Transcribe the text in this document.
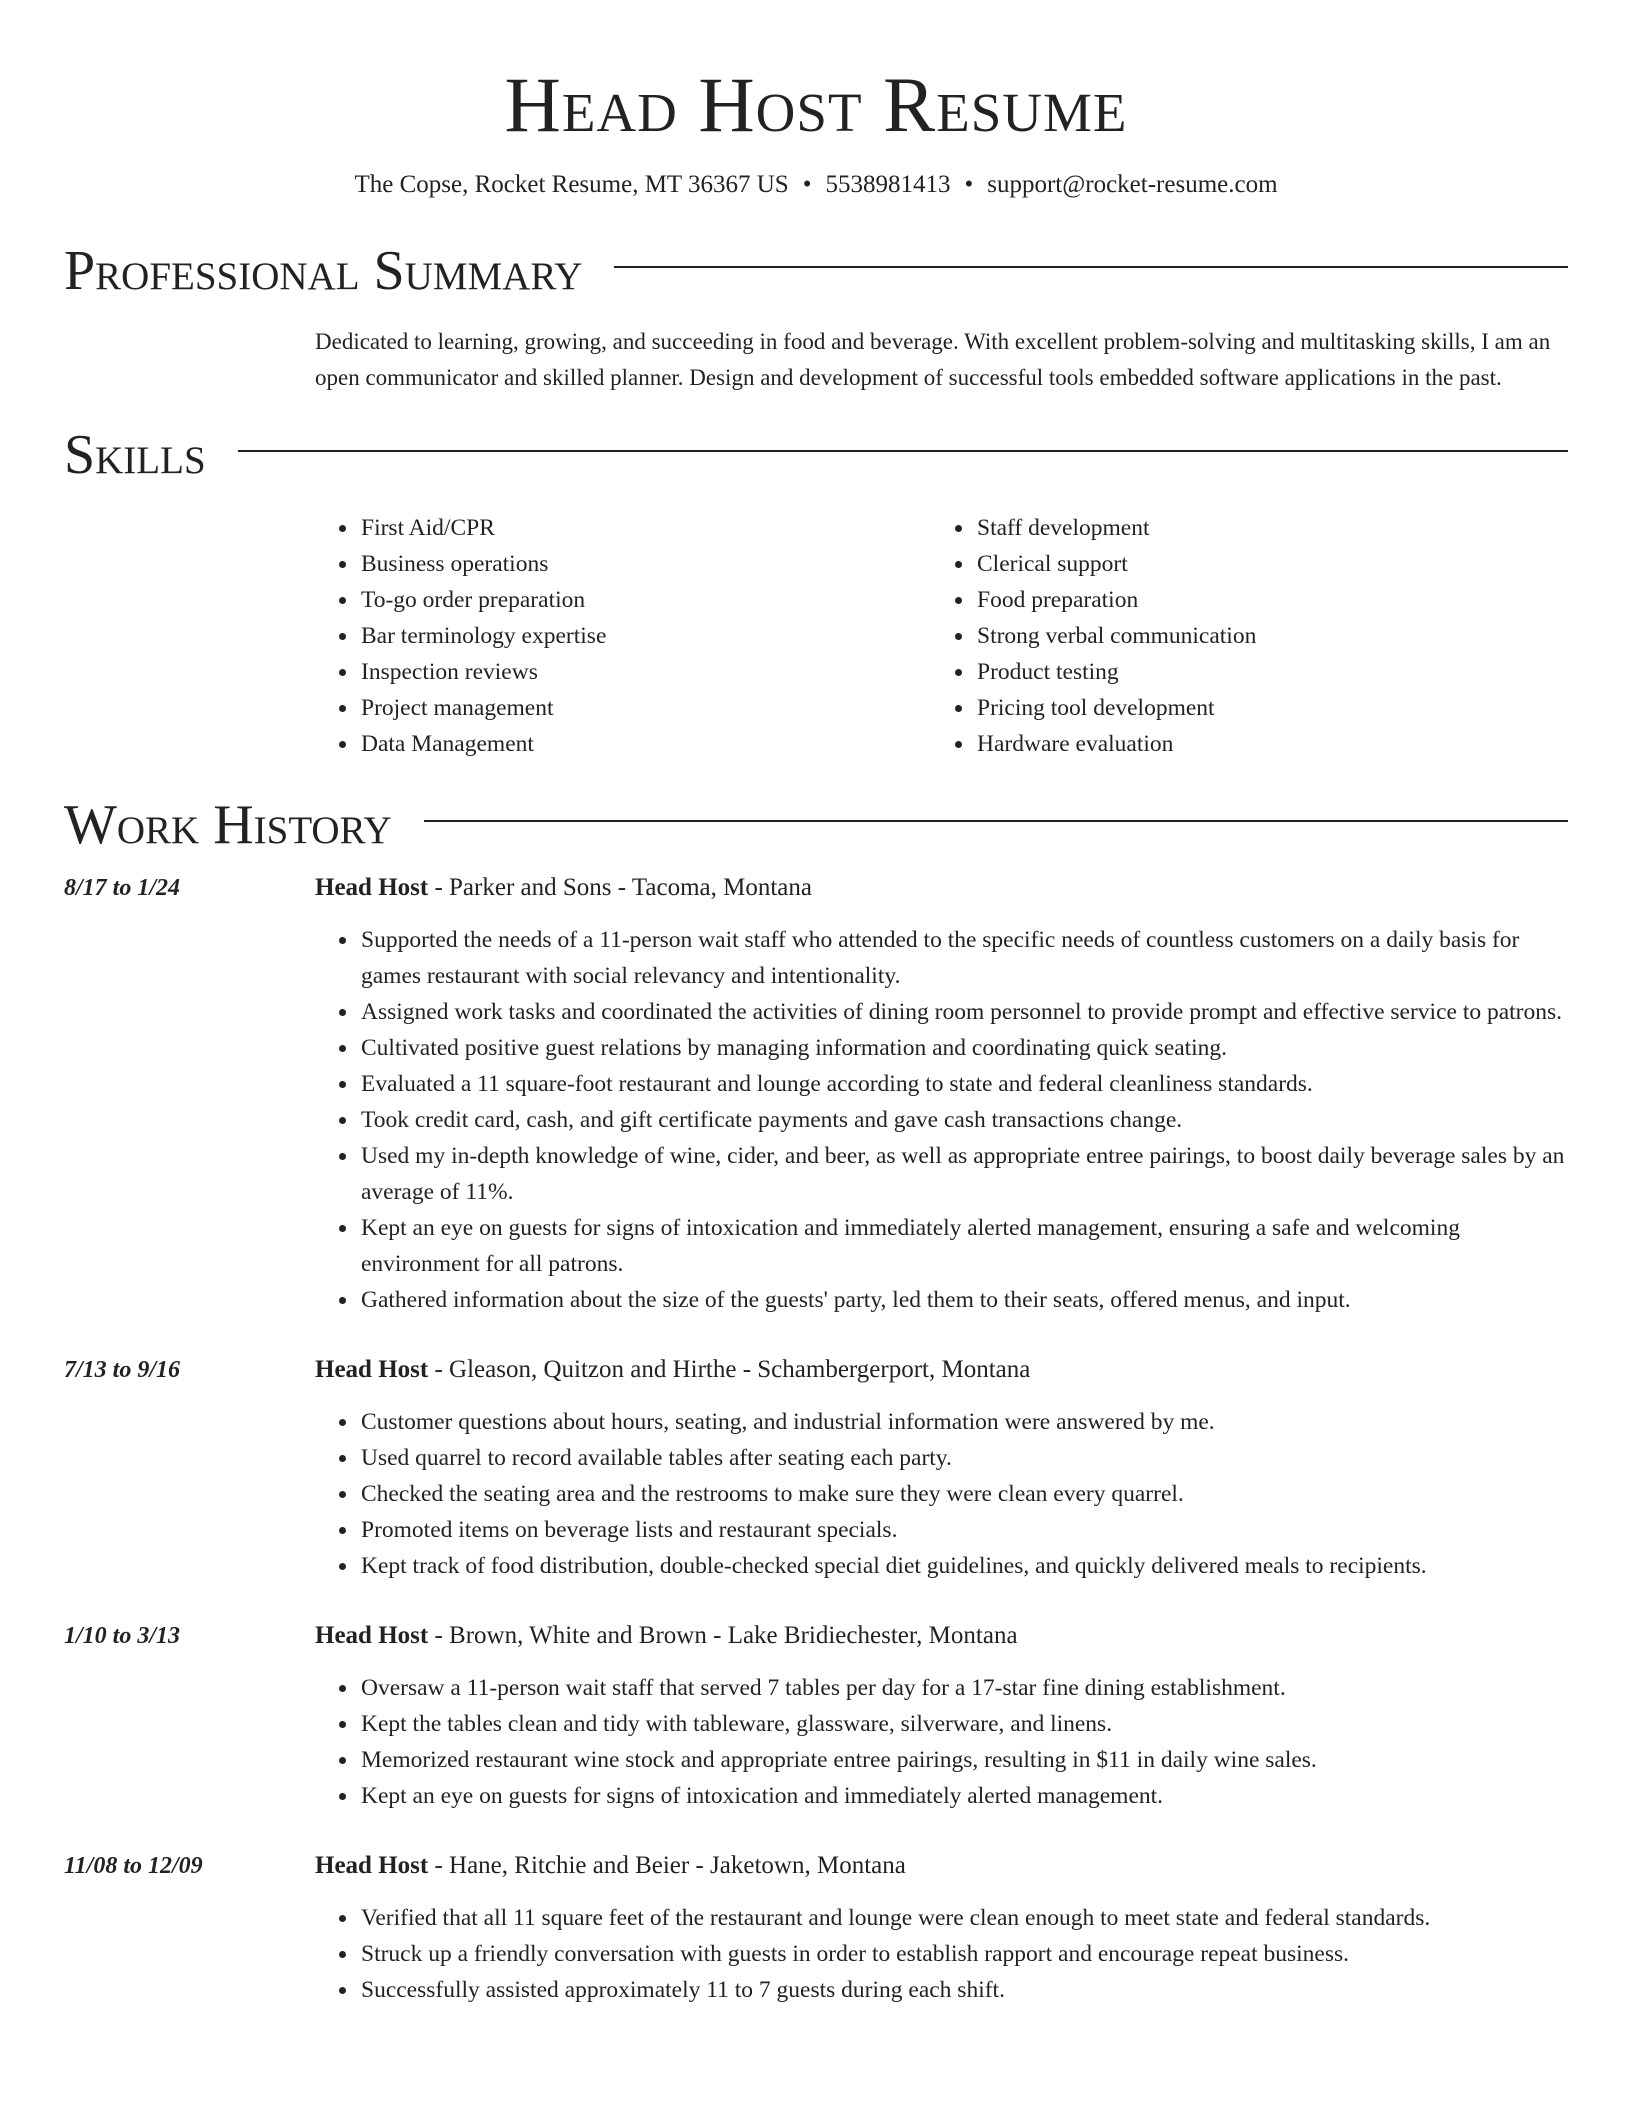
Head Host Resume
The Copse, Rocket Resume, MT 36367 US • 5538981413 • support@rocket-resume.com
Professional Summary
Dedicated to learning, growing, and succeeding in food and beverage. With excellent problem-solving and multitasking skills, I am an open communicator and skilled planner. Design and development of successful tools embedded software applications in the past.
Skills
• First Aid/CPR
• Business operations
• To-go order preparation
• Bar terminology expertise
• Inspection reviews
• Project management
• Data Management
• Staff development
• Clerical support
• Food preparation
• Strong verbal communication
• Product testing
• Pricing tool development
• Hardware evaluation
Work History
8/17 to 1/24	Head Host - Parker and Sons - Tacoma, Montana
• Supported the needs of a 11-person wait staff who attended to the specific needs of countless customers on a daily basis for games restaurant with social relevancy and intentionality.
• Assigned work tasks and coordinated the activities of dining room personnel to provide prompt and effective service to patrons.
• Cultivated positive guest relations by managing information and coordinating quick seating.
• Evaluated a 11 square-foot restaurant and lounge according to state and federal cleanliness standards.
• Took credit card, cash, and gift certificate payments and gave cash transactions change.
• Used my in-depth knowledge of wine, cider, and beer, as well as appropriate entree pairings, to boost daily beverage sales by an average of 11%.
• Kept an eye on guests for signs of intoxication and immediately alerted management, ensuring a safe and welcoming environment for all patrons.
• Gathered information about the size of the guests' party, led them to their seats, offered menus, and input.
7/13 to 9/16	Head Host - Gleason, Quitzon and Hirthe - Schambergerport, Montana
• Customer questions about hours, seating, and industrial information were answered by me.
• Used quarrel to record available tables after seating each party.
• Checked the seating area and the restrooms to make sure they were clean every quarrel.
• Promoted items on beverage lists and restaurant specials.
• Kept track of food distribution, double-checked special diet guidelines, and quickly delivered meals to recipients.
1/10 to 3/13	Head Host - Brown, White and Brown - Lake Bridiechester, Montana
• Oversaw a 11-person wait staff that served 7 tables per day for a 17-star fine dining establishment.
• Kept the tables clean and tidy with tableware, glassware, silverware, and linens.
• Memorized restaurant wine stock and appropriate entree pairings, resulting in $11 in daily wine sales.
• Kept an eye on guests for signs of intoxication and immediately alerted management.
11/08 to 12/09	Head Host - Hane, Ritchie and Beier - Jaketown, Montana
• Verified that all 11 square feet of the restaurant and lounge were clean enough to meet state and federal standards.
• Struck up a friendly conversation with guests in order to establish rapport and encourage repeat business.
• Successfully assisted approximately 11 to 7 guests during each shift.
